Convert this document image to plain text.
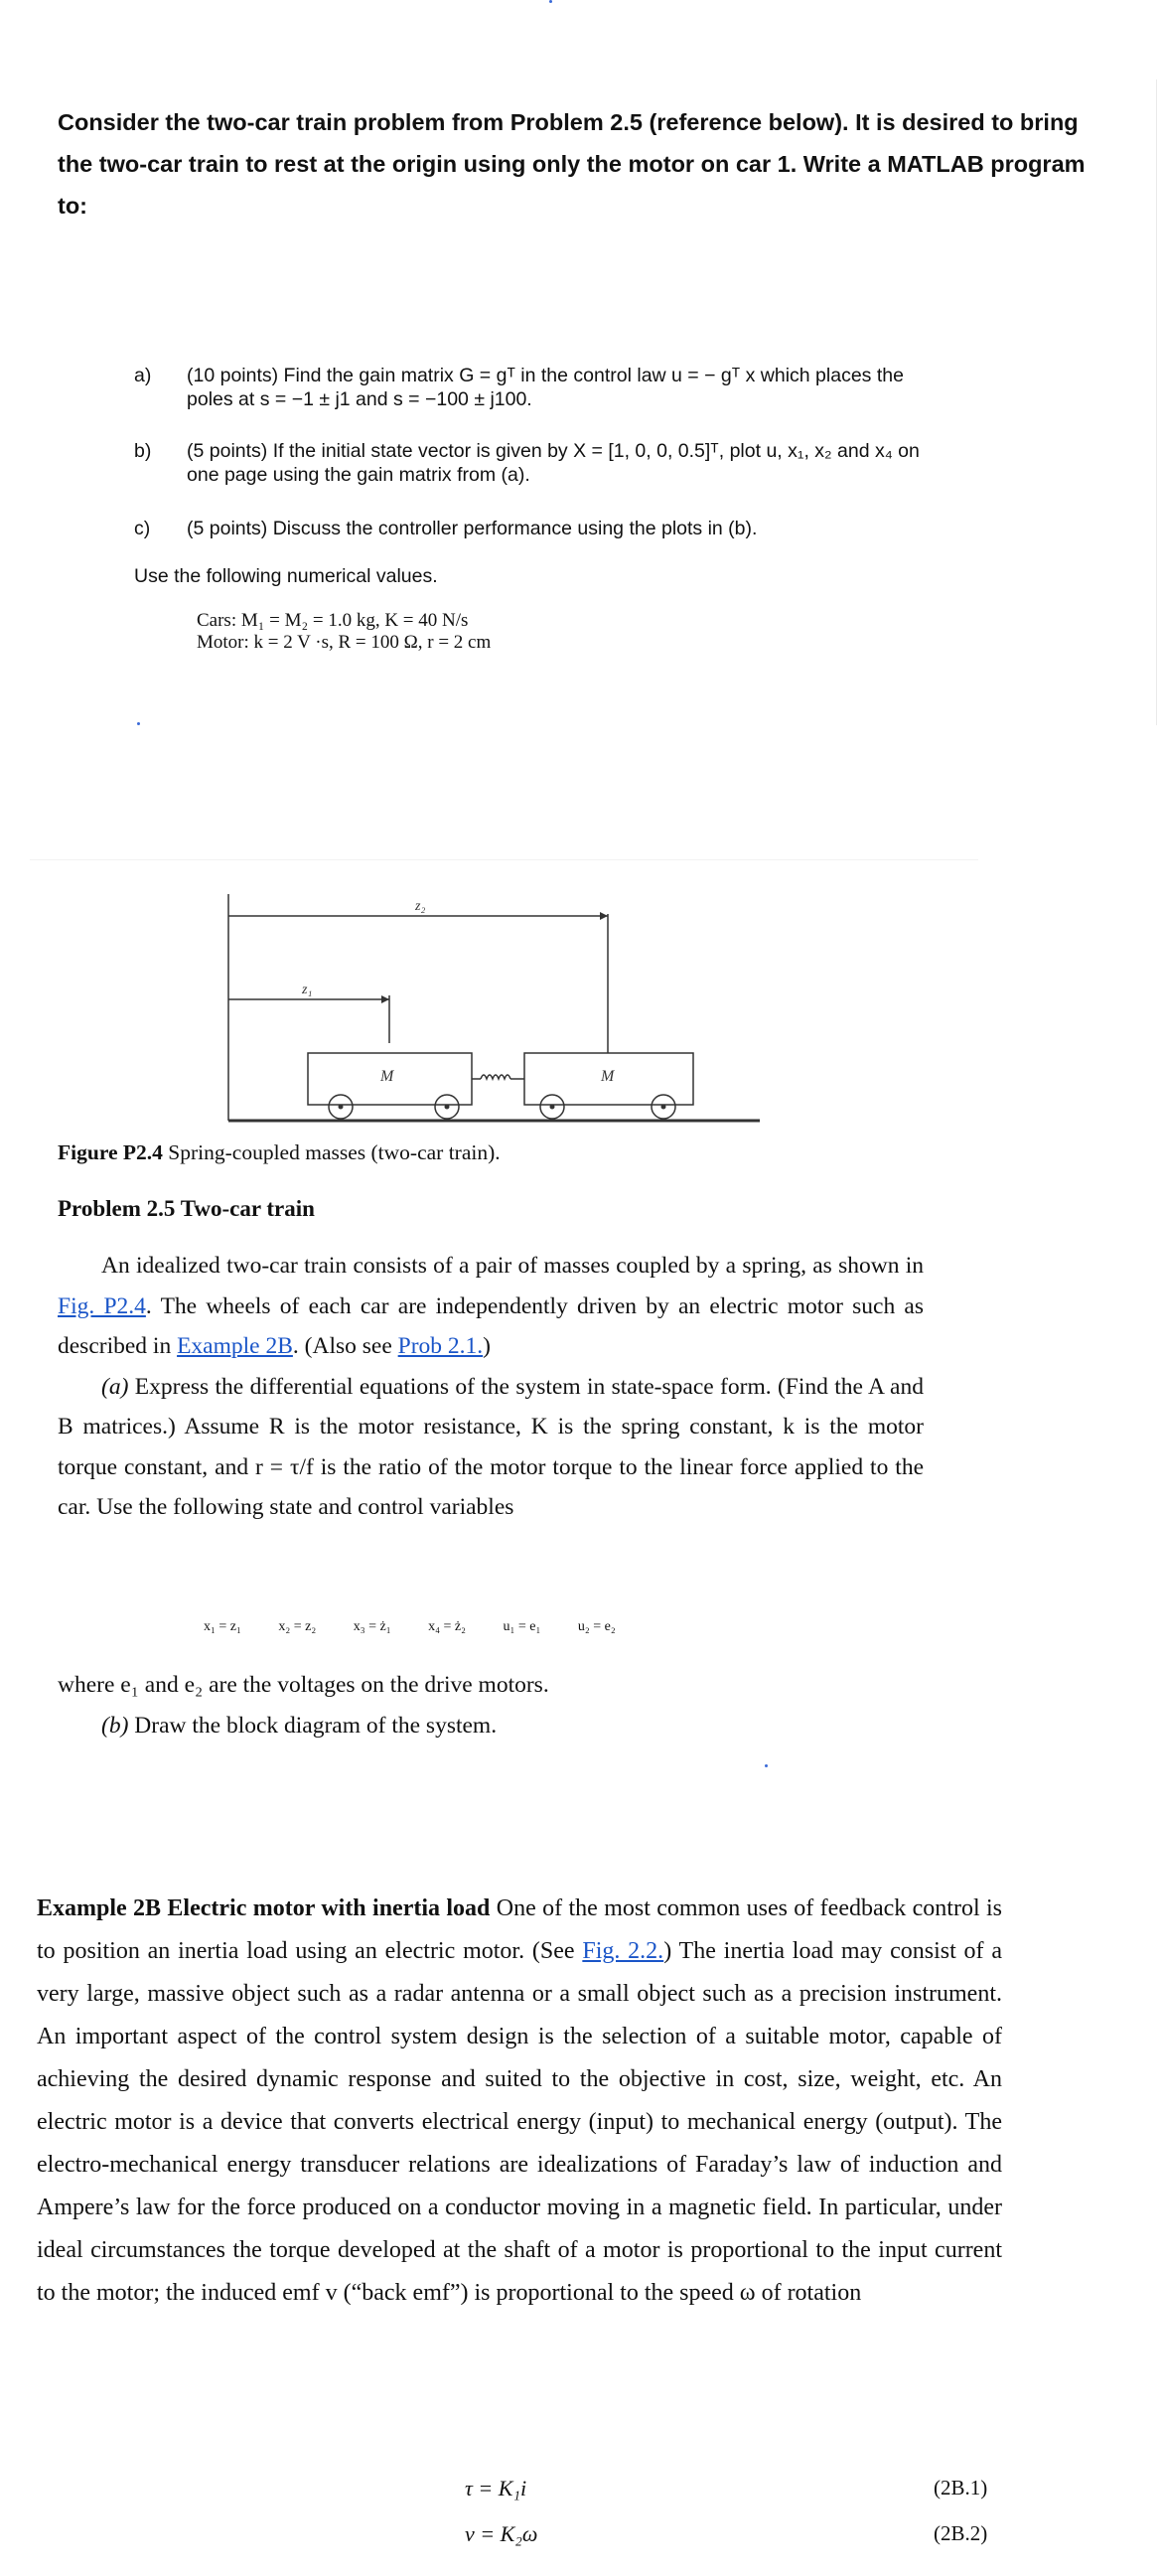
Consider the two-car train problem from Problem 2.5 (reference below). It is desired to bring the two-car train to rest at the origin using only the motor on car 1. Write a MATLAB program to:
a) (10 points) Find the gain matrix G = gᵀ in the control law u = − gᵀ x which places the
poles at s = −1 ± j1 and s = −100 ± j100.
b) (5 points) If the initial state vector is given by X = [1, 0, 0, 0.5]ᵀ, plot u, x₁, x₂ and x₄ on
one page using the gain matrix from (a).
c) (5 points) Discuss the controller performance using the plots in (b).
Use the following numerical values.
Cars: M₁ = M₂ = 1.0 kg, K = 40 N/s
Motor: k = 2 V ·s, R = 100 Ω, r = 2 cm
z₂
z₁
M	M
Figure P2.4 Spring-coupled masses (two-car train).
Problem 2.5 Two-car train

An idealized two-car train consists of a pair of masses coupled by a spring, as shown in Fig. P2.4. The wheels of each car are independently driven by an electric motor such as described in Example 2B. (Also see Prob 2.1.)

(a) Express the differential equations of the system in state-space form. (Find the A and B matrices.) Assume R is the motor resistance, K is the spring constant, k is the motor torque constant, and r = τ/f is the ratio of the motor torque to the linear force applied to the car. Use the following state and control variables

x₁ = z₁	x₂ = z₂	x₃ = ż₁	x₄ = ż₂	u₁ = e₁	u₂ = e₂
where e₁ and e₂ are the voltages on the drive motors.
(b) Draw the block diagram of the system.
Example 2B Electric motor with inertia load One of the most common uses of feedback control is to position an inertia load using an electric motor. (See Fig. 2.2.) The inertia load may consist of a very large, massive object such as a radar antenna or a small object such as a precision instrument. An important aspect of the control system design is the selection of a suitable motor, capable of achieving the desired dynamic response and suited to the objective in cost, size, weight, etc. An electric motor is a device that converts electrical energy (input) to mechanical energy (output). The electro-mechanical energy transducer relations are idealizations of Faraday’s law of induction and Ampere’s law for the force produced on a conductor moving in a magnetic field. In particular, under ideal circumstances the torque developed at the shaft of a motor is proportional to the input current to the motor; the induced emf v (“back emf”) is proportional to the speed ω of rotation
τ = K₁i	(2B.1)
v = K₂ω	(2B.2)
